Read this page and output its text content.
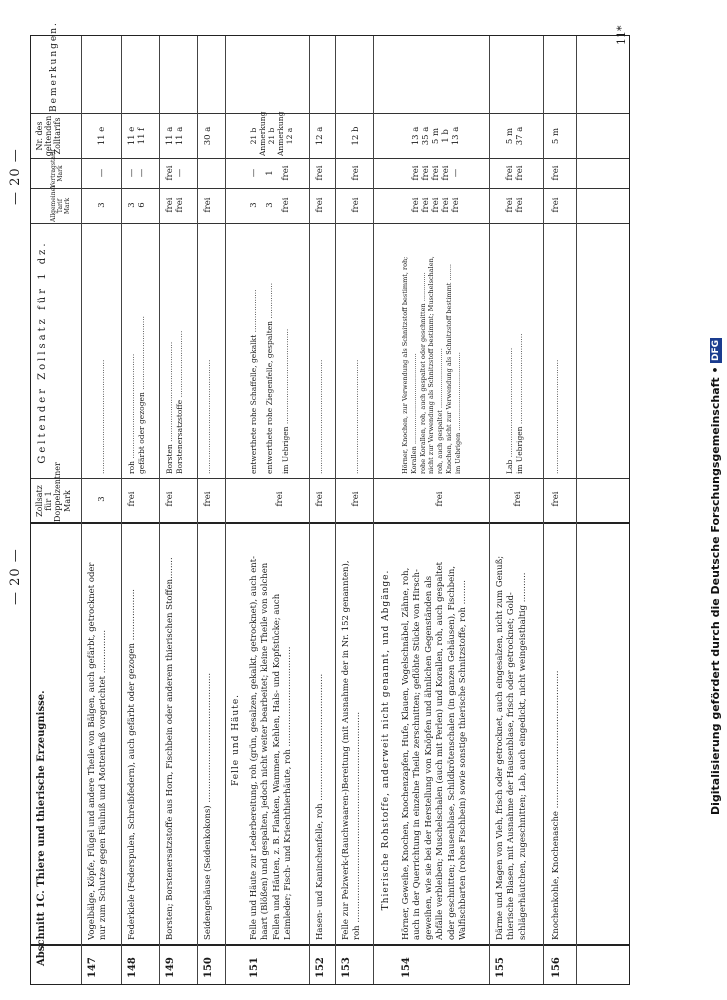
— 20 —
— 20 —
Abschnitt 1C. Thiere und thierische Erzeugnisse.
Zollsatz für 1 Doppelzentner Mark
Geltender Zollsatz für 1 dz.
Allgemeiner Tarif Mark
Vertragstarif Mark
Nr. des geltenden Zolltarifs
Bemerkungen.
147
Vogelbälge, Köpfe, Flügel und andere Theile von Bälgen, auch gefärbt, getrocknet oder nur zum Schutze gegen Fäulniß und Mottenfraß vorgerichtet ................
3
................................................
3
—
11 e
148
Federkiele (Federspulen, Schreibfedern), auch gefärbt oder gezogen ...................
frei
roh ............................................ gefärbt oder gezogen ...............................
3 6
— —
11 e 11 f
149
Borsten; Borstenersatzstoffe aus Horn, Fischbein oder anderem thierischen Stoffen........
frei
Borsten .......................................... Borstenersatzstoffe ............................
frei frei
frei —
11 a 11 a
150
Seidengehäuse (Seidenkokons) ................................................
frei
................................................
frei
30 a
Felle und Häute.
151
Felle und Häute zur Lederbereitung, roh (grün, gesalzen, gekalkt, getrocknet), auch ent- haart (Blößen) und gespalten, jedoch nicht weiter bearbeitet; kleine Theile von solchen Fellen und Häuten, z. B. Flanken, Wammen, Kehlen, Hals- und Kopfstücke; auch Leimleder; Fisch- und Kriechthierhäute, roh .....................................
frei
entwerthete rohe Schaffelle, gekalkt .................. entwerthete rohe Ziegenfelle, gespalten ............... im Uebrigen ........................................
3 3 frei
— 1 frei
21 b Anmerkung 21 b Anmerkung 12 a
152
Hasen- und Kaninchenfelle, roh ...............................................
frei
................................................
frei
frei
12 a
153
Felle zur Pelzwerk-(Rauchwaaren-)Bereitung (mit Ausnahme der in Nr. 152 genannten), roh ..............................................................................
frei
................................................
frei
frei
12 b
Thierische Rohstoffe, anderweit nicht genannt, und Abgänge.
154
Hörner, Geweihe, Knochen, Knochenzapfen, Hufe, Klauen, Vogelschnäbel, Zähne, roh, auch in der Querrichtung in einzelne Theile zerschnitten; geflöhte Stücke von Hirsch- geweihen, wie sie bei der Herstellung von Knöpfen und ähnlichen Gegenständen als Abfälle verbleiben; Muschelschalen (auch mit Perlen) und Korallen, roh, auch gespaltet oder geschnitten; Hausenblase, Schildkrötenschalen (in ganzen Gehäusen), Fischbein, Walfischbarten (rohes Fischbein) sowie sonstige thierische Schnitzstoffe, roh .........
frei
Hörner, Knochen, zur Verwendung als Schnitzstoff bestimmt, roh; Korallen ............................................ rohe Korallen, roh, auch gespaltet oder geschnitten .............. nicht zur Verwendung als Schnitzstoff bestimmt; Muschelschalen, roh, auch gespaltet ............................. Knochen, nicht zur Verwendung als Schnitzstoff bestimmt ........ im Uebrigen ......................................
frei frei frei frei frei
frei frei frei frei —
13 a 35 a 5 m 1 b 13 a
155
Därme und Magen von Vieh, frisch oder getrocknet, auch eingesalzen, nicht zum Genuß; thierische Blasen, mit Ausnahme der Hausenblase, frisch oder getrocknet; Gold- schlägerhäutchen, zugeschnitten; Lab, auch eingedickt, nicht weingeisthaltig ...........
frei
Lab .............................................. im Uebrigen ......................................
frei frei
frei frei
5 m 37 a
156
Knochenkohle, Knochenasche ...................................................
frei
................................................
frei
frei
5 m
11*
Digitalisierung gefördert durch die Deutsche Forschungsgemeinschaft • DFG
